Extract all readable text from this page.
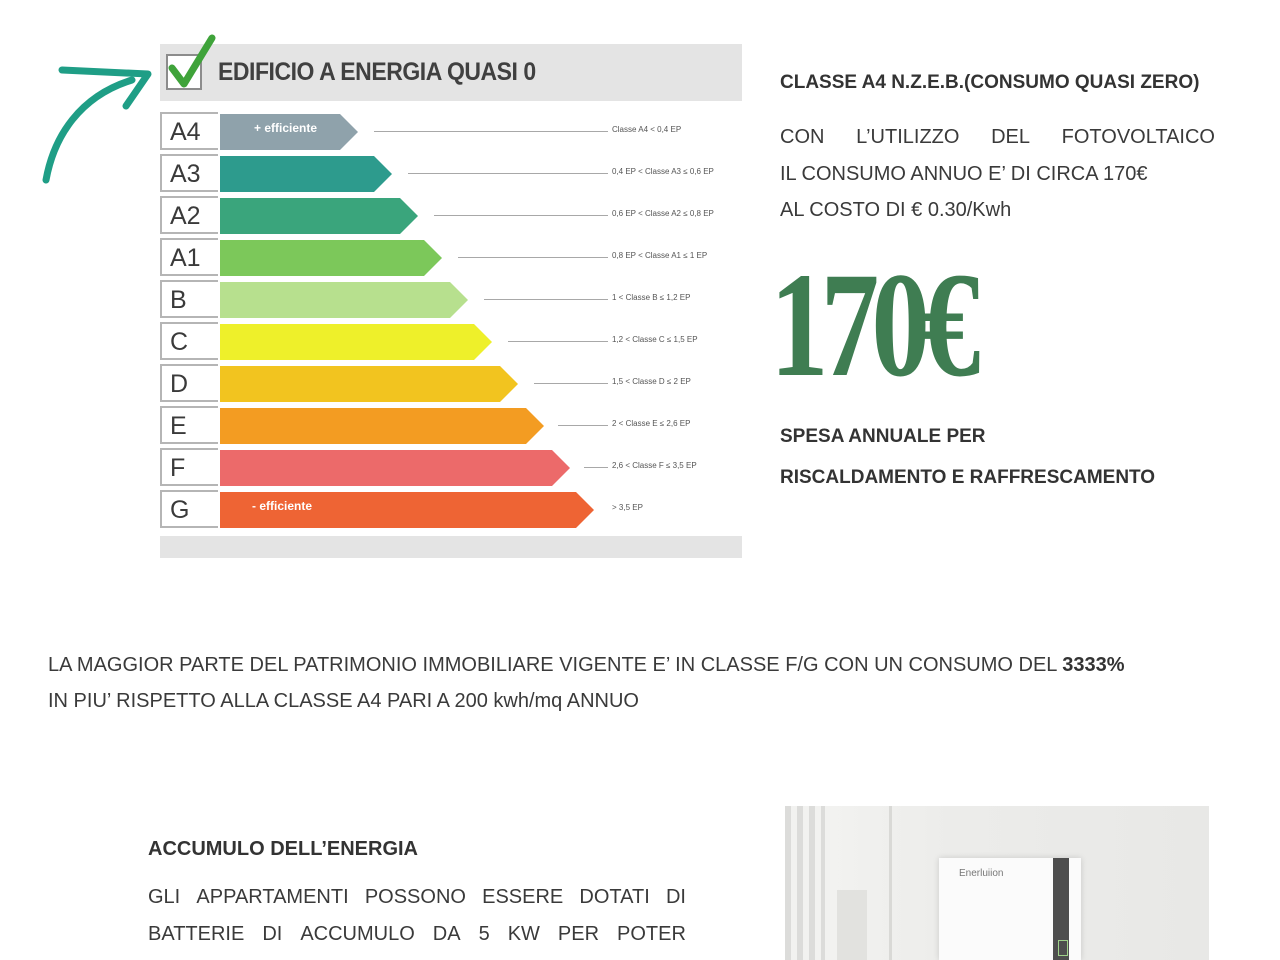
EDIFICIO A ENERGIA QUASI 0
A4	+ efficiente	Classe A4 < 0,4 EP
A3	0,4 EP < Classe A3 ≤ 0,6 EP
A2	0,6 EP < Classe A2 ≤ 0,8 EP
A1	0,8 EP < Classe A1 ≤ 1 EP
B	1 < Classe B ≤ 1,2 EP
C	1,2 < Classe C ≤ 1,5 EP
D	1,5 < Classe D ≤ 2 EP
E	2 < Classe E ≤ 2,6 EP
F	2,6 < Classe F ≤ 3,5 EP
G	- efficiente	> 3,5 EP
CLASSE A4 N.Z.E.B.(CONSUMO QUASI ZERO)
CON L’UTILIZZO DEL FOTOVOLTAICO
IL CONSUMO ANNUO E’ DI CIRCA 170€
AL COSTO DI € 0.30/Kwh
170€
SPESA ANNUALE PER
RISCALDAMENTO E RAFFRESCAMENTO
LA MAGGIOR PARTE DEL PATRIMONIO IMMOBILIARE VIGENTE E’ IN CLASSE F/G CON UN CONSUMO DEL 3333%
IN PIU’ RISPETTO ALLA CLASSE A4 PARI A 200 kwh/mq ANNUO
ACCUMULO DELL’ENERGIA
GLI APPARTAMENTI POSSONO ESSERE DOTATI DI
BATTERIE DI ACCUMULO DA 5 KW PER POTER
Enerluiion
